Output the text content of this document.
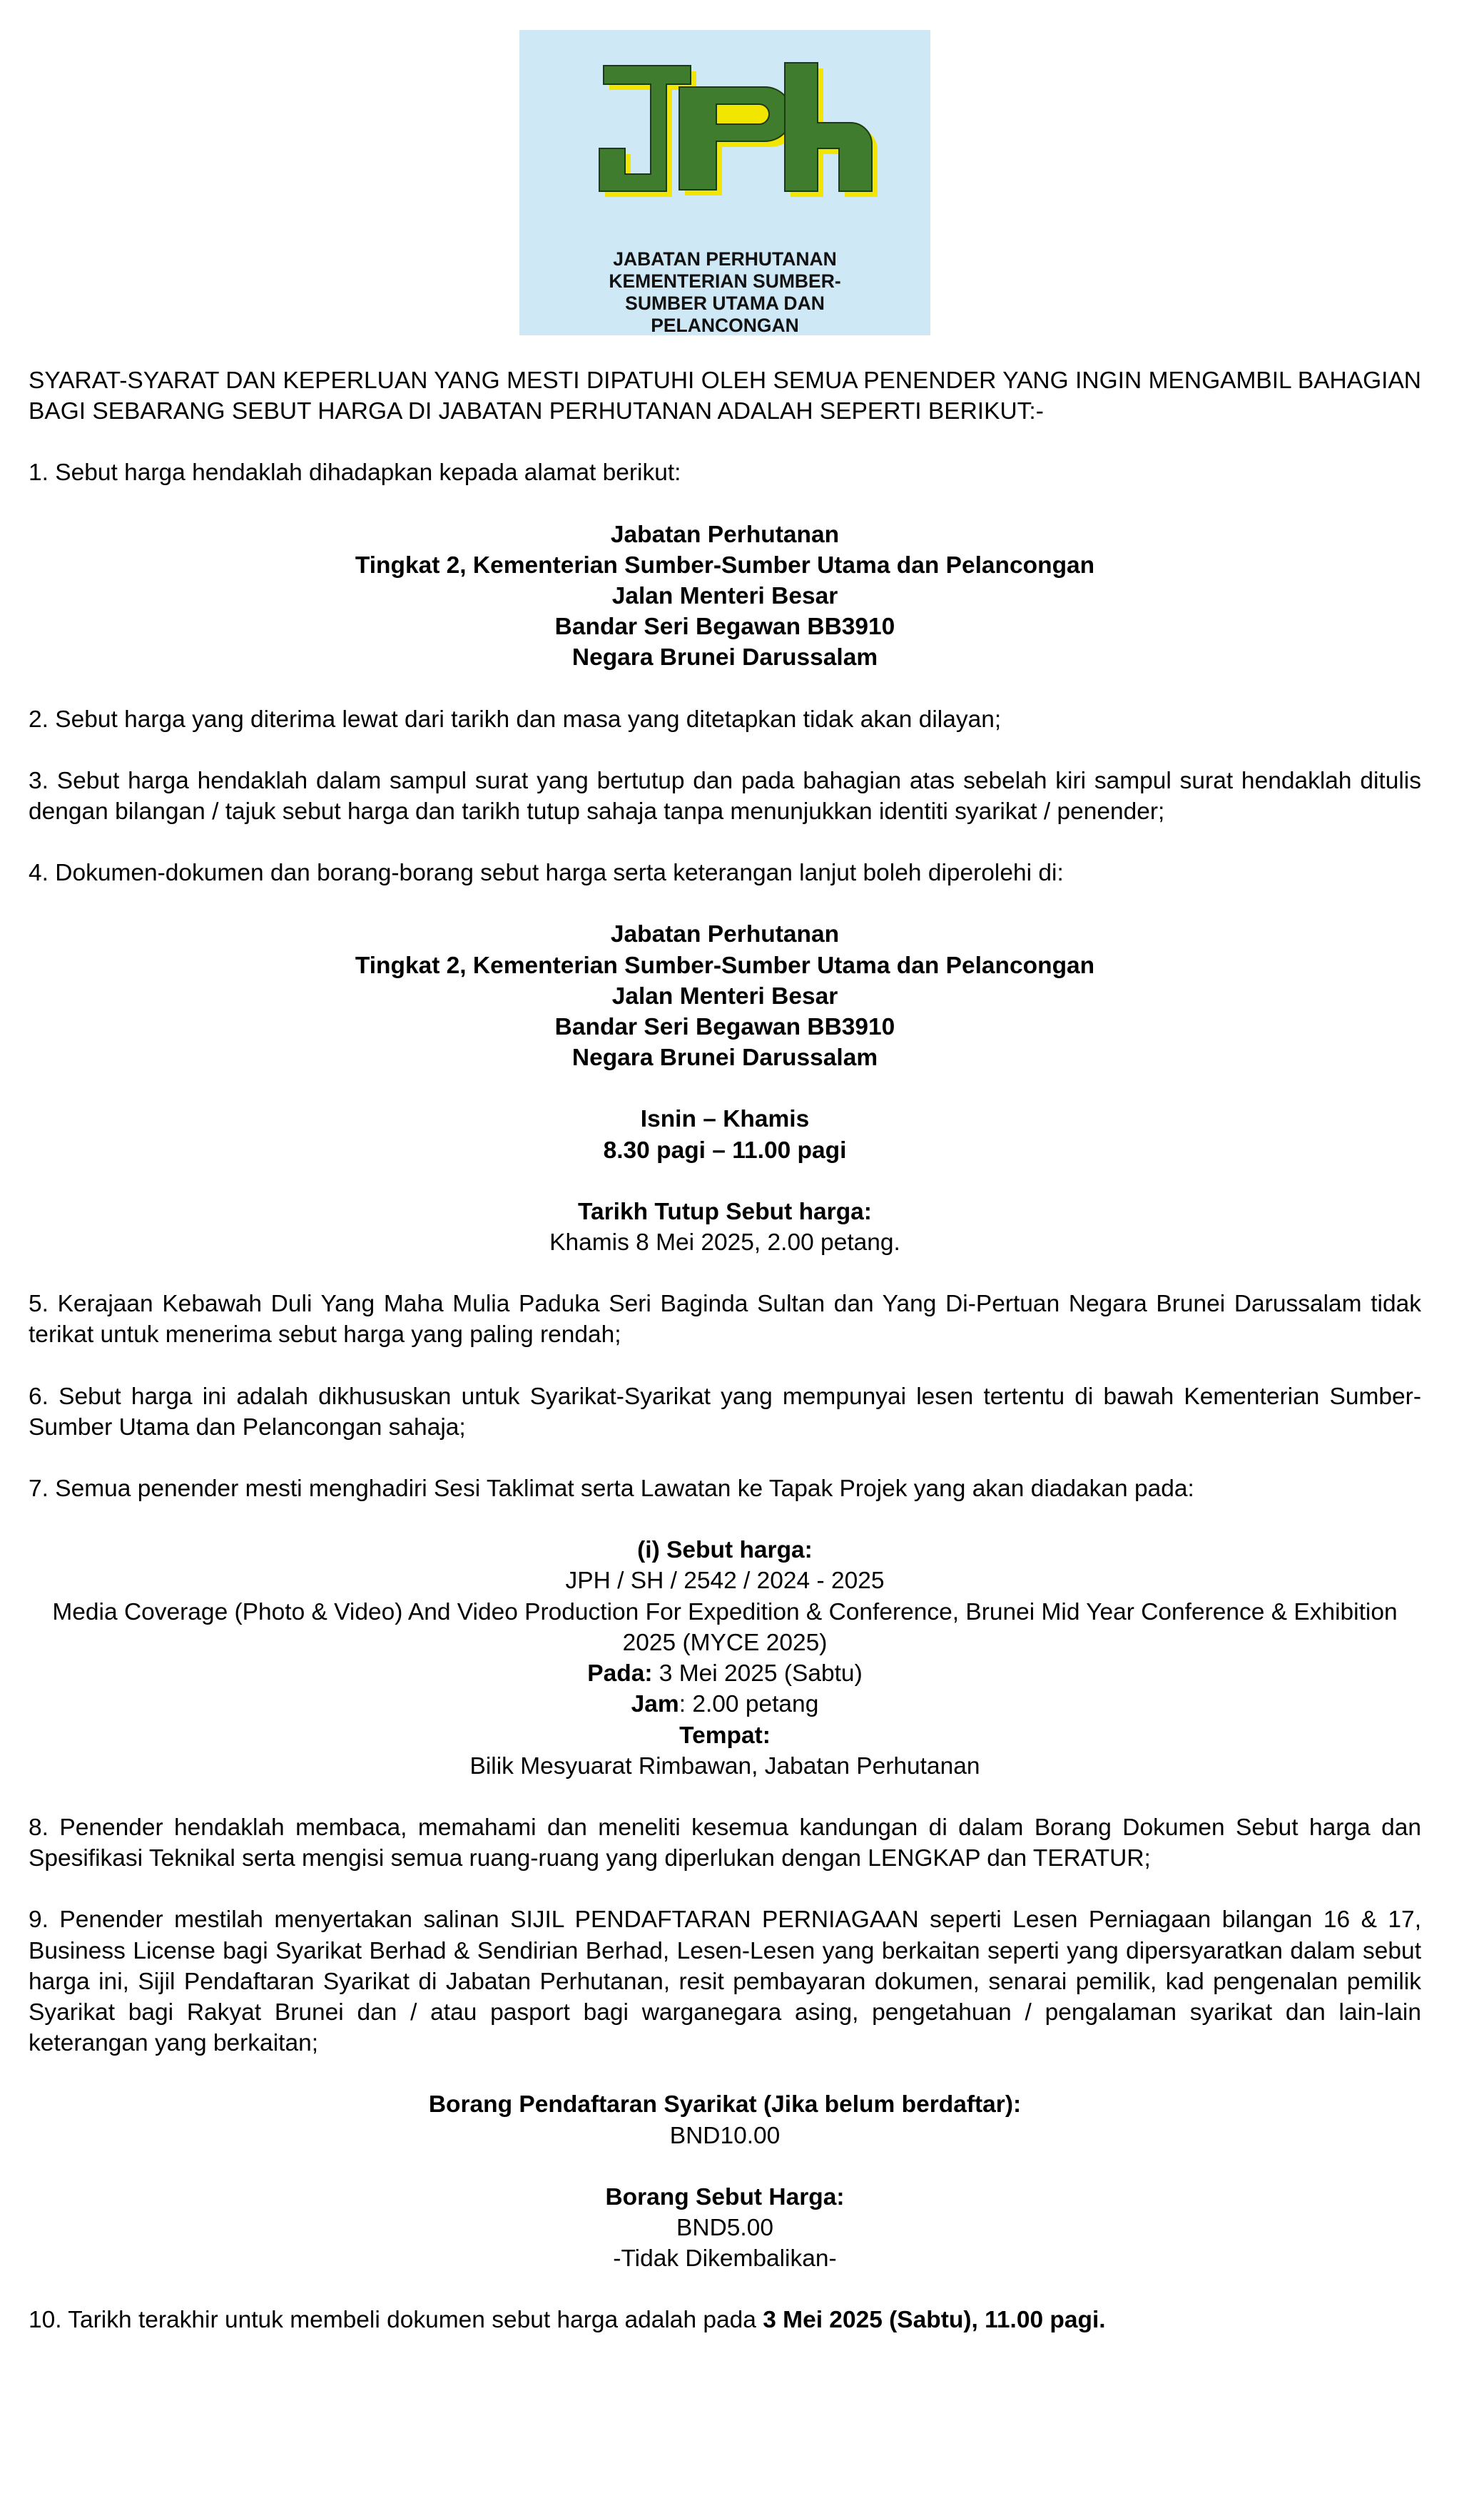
JABATAN PERHUTANAN
KEMENTERIAN SUMBER-
SUMBER UTAMA DAN
PELANCONGAN

SYARAT-SYARAT DAN KEPERLUAN YANG MESTI DIPATUHI OLEH SEMUA PENENDER YANG INGIN MENGAMBIL BAHAGIAN BAGI SEBARANG SEBUT HARGA DI JABATAN PERHUTANAN ADALAH SEPERTI BERIKUT:-

1. Sebut harga hendaklah dihadapkan kepada alamat berikut:

Jabatan Perhutanan

Tingkat 2, Kementerian Sumber-Sumber Utama dan Pelancongan

Jalan Menteri Besar

Bandar Seri Begawan BB3910

Negara Brunei Darussalam

2. Sebut harga yang diterima lewat dari tarikh dan masa yang ditetapkan tidak akan dilayan;

3. Sebut harga hendaklah dalam sampul surat yang bertutup dan pada bahagian atas sebelah kiri sampul surat hendaklah ditulis dengan bilangan / tajuk sebut harga dan tarikh tutup sahaja tanpa menunjukkan identiti syarikat / penender;

4. Dokumen-dokumen dan borang-borang sebut harga serta keterangan lanjut boleh diperolehi di:

Jabatan Perhutanan

Tingkat 2, Kementerian Sumber-Sumber Utama dan Pelancongan

Jalan Menteri Besar

Bandar Seri Begawan BB3910

Negara Brunei Darussalam

Isnin – Khamis

8.30 pagi – 11.00 pagi

Tarikh Tutup Sebut harga:

Khamis 8 Mei 2025, 2.00 petang.

5. Kerajaan Kebawah Duli Yang Maha Mulia Paduka Seri Baginda Sultan dan Yang Di-Pertuan Negara Brunei Darussalam tidak terikat untuk menerima sebut harga yang paling rendah;

6. Sebut harga ini adalah dikhususkan untuk Syarikat-Syarikat yang mempunyai lesen tertentu di bawah Kementerian Sumber-Sumber Utama dan Pelancongan sahaja;

7. Semua penender mesti menghadiri Sesi Taklimat serta Lawatan ke Tapak Projek yang akan diadakan pada:

(i) Sebut harga:

JPH / SH / 2542 / 2024 - 2025

Media Coverage (Photo & Video) And Video Production For Expedition & Conference, Brunei Mid Year Conference & Exhibition 2025 (MYCE 2025)

Pada: 3 Mei 2025 (Sabtu)

Jam: 2.00 petang

Tempat:

Bilik Mesyuarat Rimbawan, Jabatan Perhutanan

8. Penender hendaklah membaca, memahami dan meneliti kesemua kandungan di dalam Borang Dokumen Sebut harga dan Spesifikasi Teknikal serta mengisi semua ruang-ruang yang diperlukan dengan LENGKAP dan TERATUR;

9. Penender mestilah menyertakan salinan SIJIL PENDAFTARAN PERNIAGAAN seperti Lesen Perniagaan bilangan 16 & 17, Business License bagi Syarikat Berhad & Sendirian Berhad, Lesen-Lesen yang berkaitan seperti yang dipersyaratkan dalam sebut harga ini, Sijil Pendaftaran Syarikat di Jabatan Perhutanan, resit pembayaran dokumen, senarai pemilik, kad pengenalan pemilik Syarikat bagi Rakyat Brunei dan / atau pasport bagi warganegara asing, pengetahuan / pengalaman syarikat dan lain-lain keterangan yang berkaitan;

Borang Pendaftaran Syarikat (Jika belum berdaftar):

BND10.00

Borang Sebut Harga:

BND5.00

-Tidak Dikembalikan-

10. Tarikh terakhir untuk membeli dokumen sebut harga adalah pada 3 Mei 2025 (Sabtu), 11.00 pagi.
